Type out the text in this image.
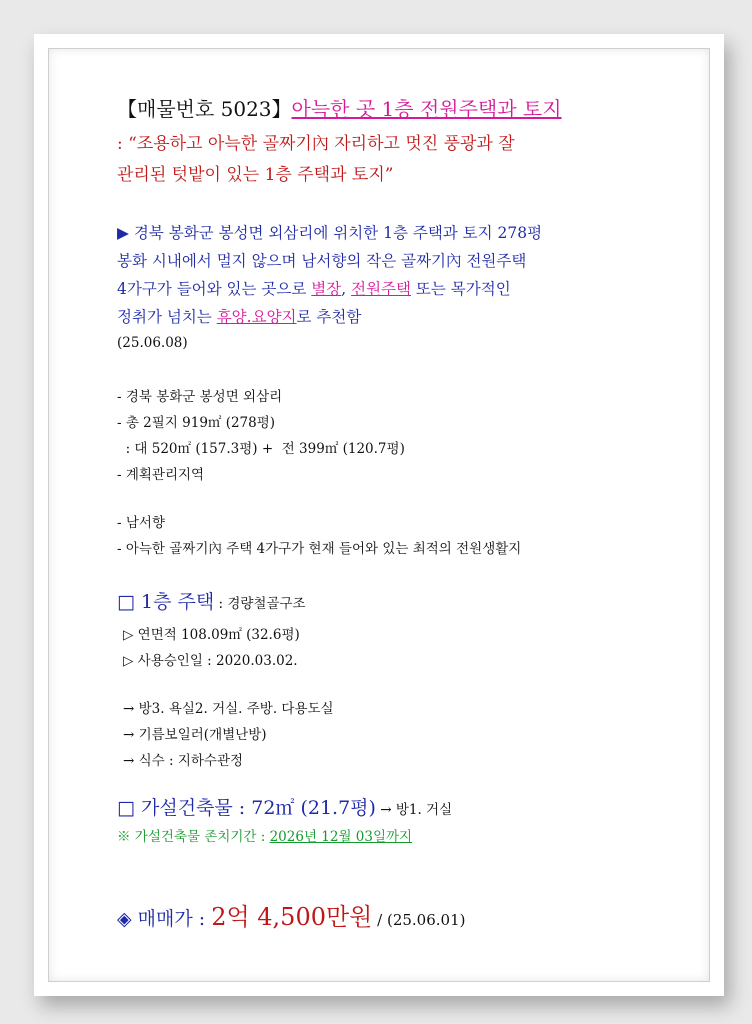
【매물번호 5023】아늑한 곳 1층 전원주택과 토지
: “조용하고 아늑한 골짜기內 자리하고 멋진 풍광과 잘
관리된 텃밭이 있는 1층 주택과 토지”
▶ 경북 봉화군 봉성면 외삼리에 위치한 1층 주택과 토지 278평
봉화 시내에서 멀지 않으며 남서향의 작은 골짜기內 전원주택
4가구가 들어와 있는 곳으로 별장, 전원주택 또는 목가적인
정취가 넘치는 휴양.요양지로 추천함
(25.06.08)
- 경북 봉화군 봉성면 외삼리
- 총 2필지 919㎡ (278평)
: 대 520㎡ (157.3평) +  전 399㎡ (120.7평)
- 계획관리지역
- 남서향
- 아늑한 골짜기內 주택 4가구가 현재 들어와 있는 최적의 전원생활지
□ 1층 주택 : 경량철골구조
▷ 연면적 108.09㎡ (32.6평)
▷ 사용승인일 : 2020.03.02.
→ 방3. 욕실2. 거실. 주방. 다용도실
→ 기름보일러(개별난방)
→ 식수 : 지하수관정
□ 가설건축물 : 72㎡ (21.7평) → 방1. 거실
※ 가설건축물 존치기간 : 2026년 12월 03일까지
◈ 매매가 : 2억 4,500만원 / (25.06.01)
